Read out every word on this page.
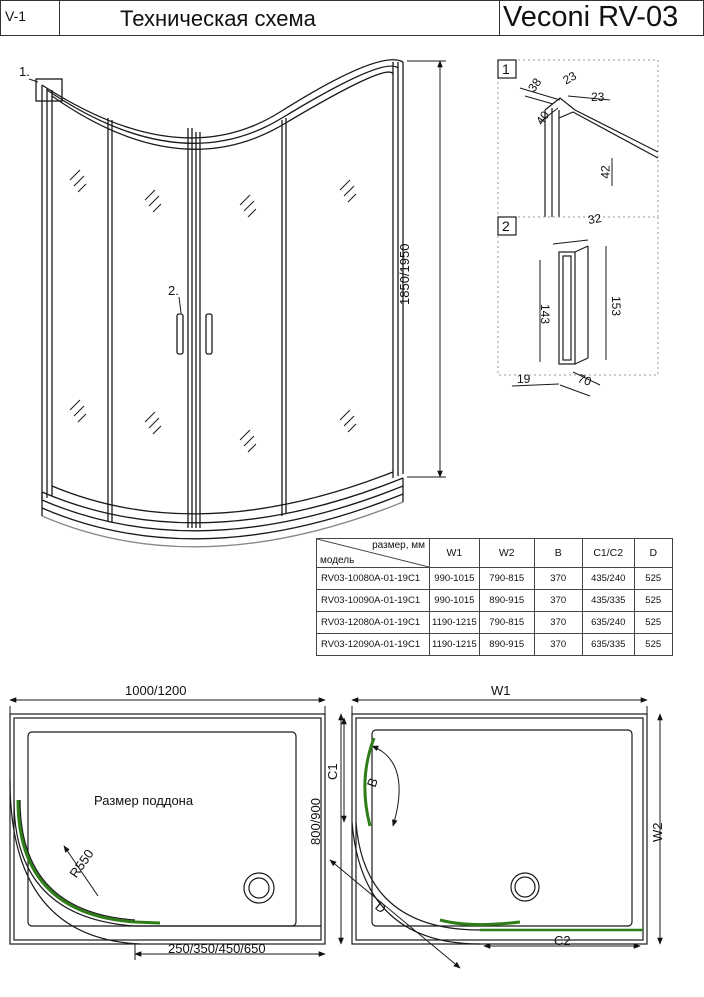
V-1	Техническая схема	Veconi RV-03
1.
2.	1850/1950
1
38 23
23
40
42
2	32
143	153
19	70
размер, мм
модель	W1	W2	B	C1/C2	D
RV03-10080A-01-19C1	990-1015	790-815	370	435/240	525
RV03-10090A-01-19C1	990-1015	890-915	370	435/335	525
RV03-12080A-01-19C1	1190-1215	790-815	370	635/240	525
RV03-12090A-01-19C1	1190-1215	890-915	370	635/335	525
1000/1200
800/900
250/350/450/650
R550
Размер поддона
W1
W2
C1
C2
B
D
